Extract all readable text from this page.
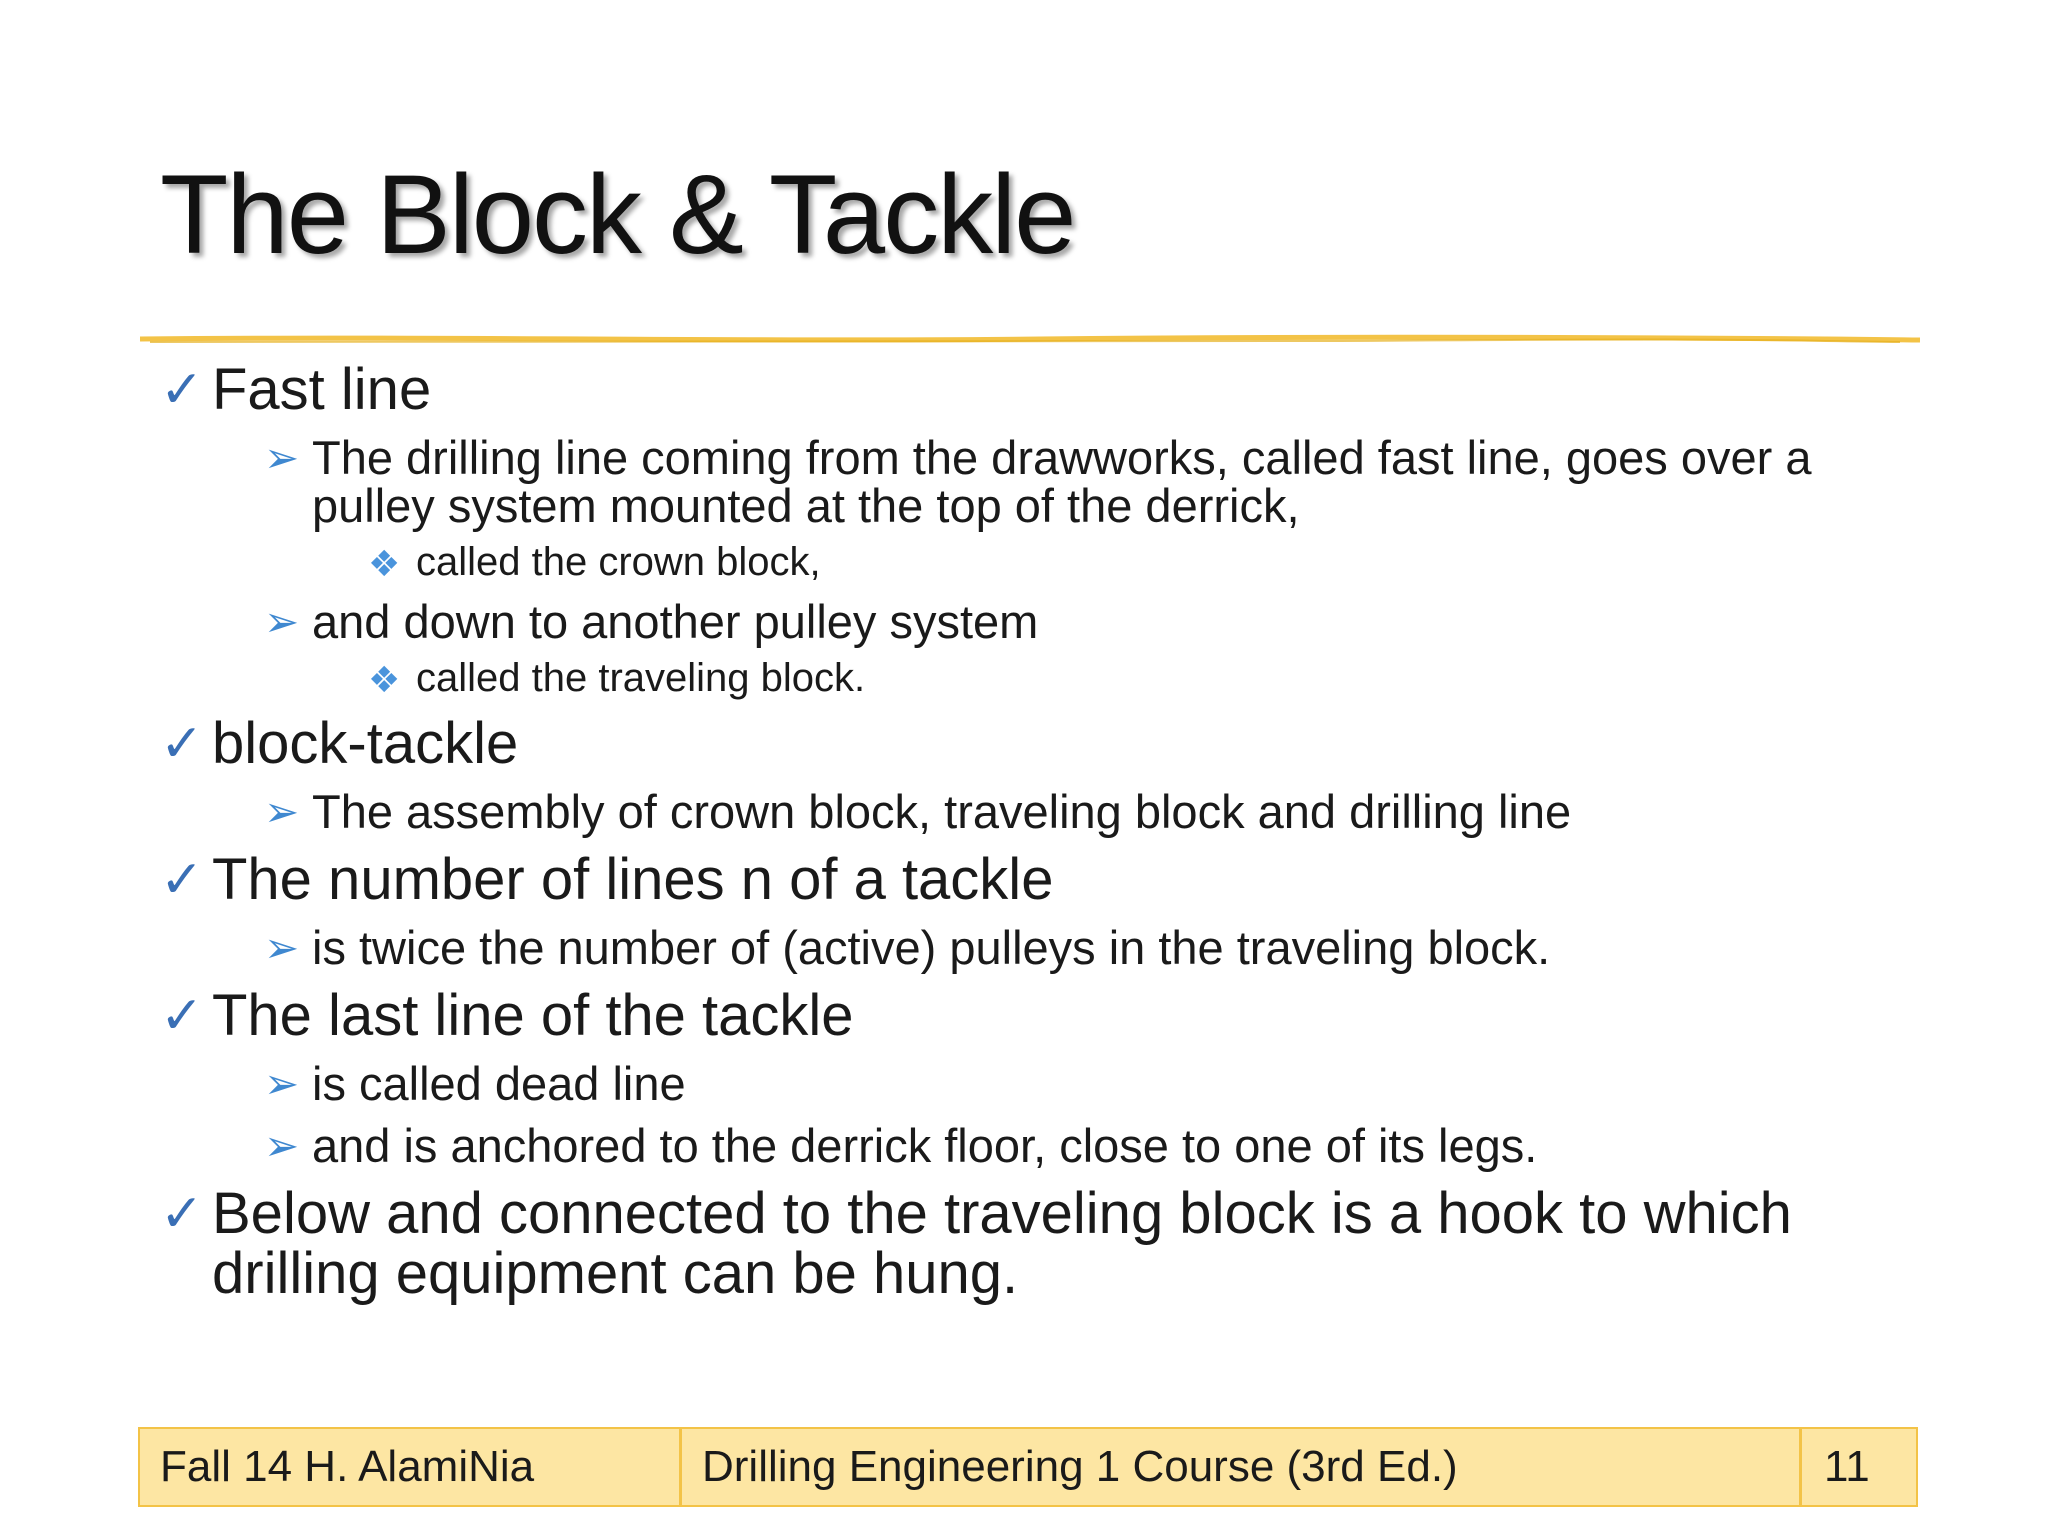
The Block & Tackle
✓ Fast line
➢ The drilling line coming from the drawworks, called fast line, goes over a pulley system mounted at the top of the derrick,
❖ called the crown block,
➢ and down to another pulley system
❖ called the traveling block.
✓ block-tackle
➢ The assembly of crown block, traveling block and drilling line
✓ The number of lines n of a tackle
➢ is twice the number of (active) pulleys in the traveling block.
✓ The last line of the tackle
➢ is called dead line
➢ and is anchored to the derrick floor, close to one of its legs.
✓ Below and connected to the traveling block is a hook to which drilling equipment can be hung.
Fall 14 H. AlamiNia	Drilling Engineering 1 Course (3rd Ed.)	11
